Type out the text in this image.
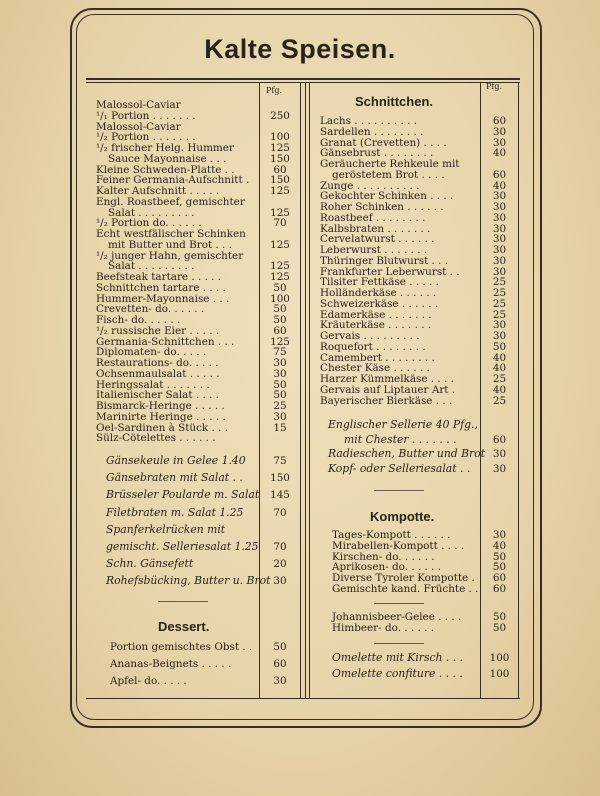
Kalte Speisen.
Pfg.	Pfg.
Malossol-Caviar
¹/₁ Portion . . . . . . .	250
Malossol-Caviar
¹/₂ Portion . . . . . . .	100
¹/₂ frischer Helg. Hummer	125
Sauce Mayonnaise . . .	150
Kleine Schweden-Platte . .	60
Feiner Germania-Aufschnitt .	150
Kalter Aufschnitt . . . . .	125
Engl. Roastbeef, gemischter
Salat . . . . . . . . .	125
¹/₂ Portion do. . . . . .	70
Echt westfälischer Schinken
mit Butter und Brot . . .	125
¹/₂ junger Hahn, gemischter
Salat . . . . . . . . .	125
Beefsteak tartare . . . . .	125
Schnittchen tartare . . . .	50
Hummer-Mayonnaise . . .	100
Crevetten- do. . . . . .	50
Fisch- do. . . . . .	50
¹/₂ russische Eier . . . . .	60
Germania-Schnittchen . . .	125
Diplomaten- do. . . . .	75
Restaurations- do. . . . .	30
Ochsenmaulsalat . . . . .	30
Heringssalat . . . . . . .	50
Italienischer Salat . . . .	50
Bismarck-Heringe . . . . .	25
Marinirte Heringe . . . . .	30
Oel-Sardinen à Stück . . .	15
Sülz-Cötelettes . . . . . .
Gänsekeule in Gelee 1.40	75
Gänsebraten mit Salat . .	150
Brüsseler Poularde m. Salat	145
Filetbraten m. Salat 1.25	70
Spanferkelrücken mit
gemischt. Selleriesalat 1.25	70
Schn. Gänsefett	20
Rohefsbücking, Butter u. Brot 30
Portion gemischtes Obst . .	50
Ananas-Beignets . . . . .	60
Apfel- do. . . . .	30
Lachs . . . . . . . . . .	60
Sardellen . . . . . . . .	30
Granat (Crevetten) . . . .	30
Gänsebrust . . . . . . . .	40
Geräucherte Rehkeule mit
geröstetem Brot . . . .	60
Zunge . . . . . . . . . .	40
Gekochter Schinken . . . .	30
Roher Schinken . . . . . .	30
Roastbeef . . . . . . . .	30
Kalbsbraten . . . . . . .	30
Cervelatwurst . . . . . .	30
Leberwurst . . . . . . .	30
Thüringer Blutwurst . . .	30
Frankfurter Leberwurst . .	30
Tilsiter Fettkäse . . . . .	25
Holländerkäse . . . . . .	25
Schweizerkäse . . . . . .	25
Edamerkäse . . . . . . .	25
Kräuterkäse . . . . . . .	30
Gervais . . . . . . . . .	30
Roquefort . . . . . . . .	50
Camembert . . . . . . . .	40
Chester Käse . . . . . .	40
Harzer Kümmelkäse . . . .	25
Gervais auf Liptauer Art .	40
Bayerischer Bierkäse . . .	25
Englischer Sellerie 40 Pfg.,
mit Chester . . . . . . .	60
Radieschen, Butter und Brot 30
Kopf- oder Selleriesalat . .	30
Tages-Kompott . . . . . .	30
Mirabellen-Kompott . . . .	40
Kirschen- do. . . . . .	50
Aprikosen- do. . . . . .	50
Diverse Tyroler Kompotte .	60
Gemischte kand. Früchte . .	60
Johannisbeer-Gelee . . . .	50
Himbeer- do. . . . . .	50
Omelette mit Kirsch . . .	100
Omelette confiture . . . .	100
Schnittchen.
Dessert.
Kompotte.
